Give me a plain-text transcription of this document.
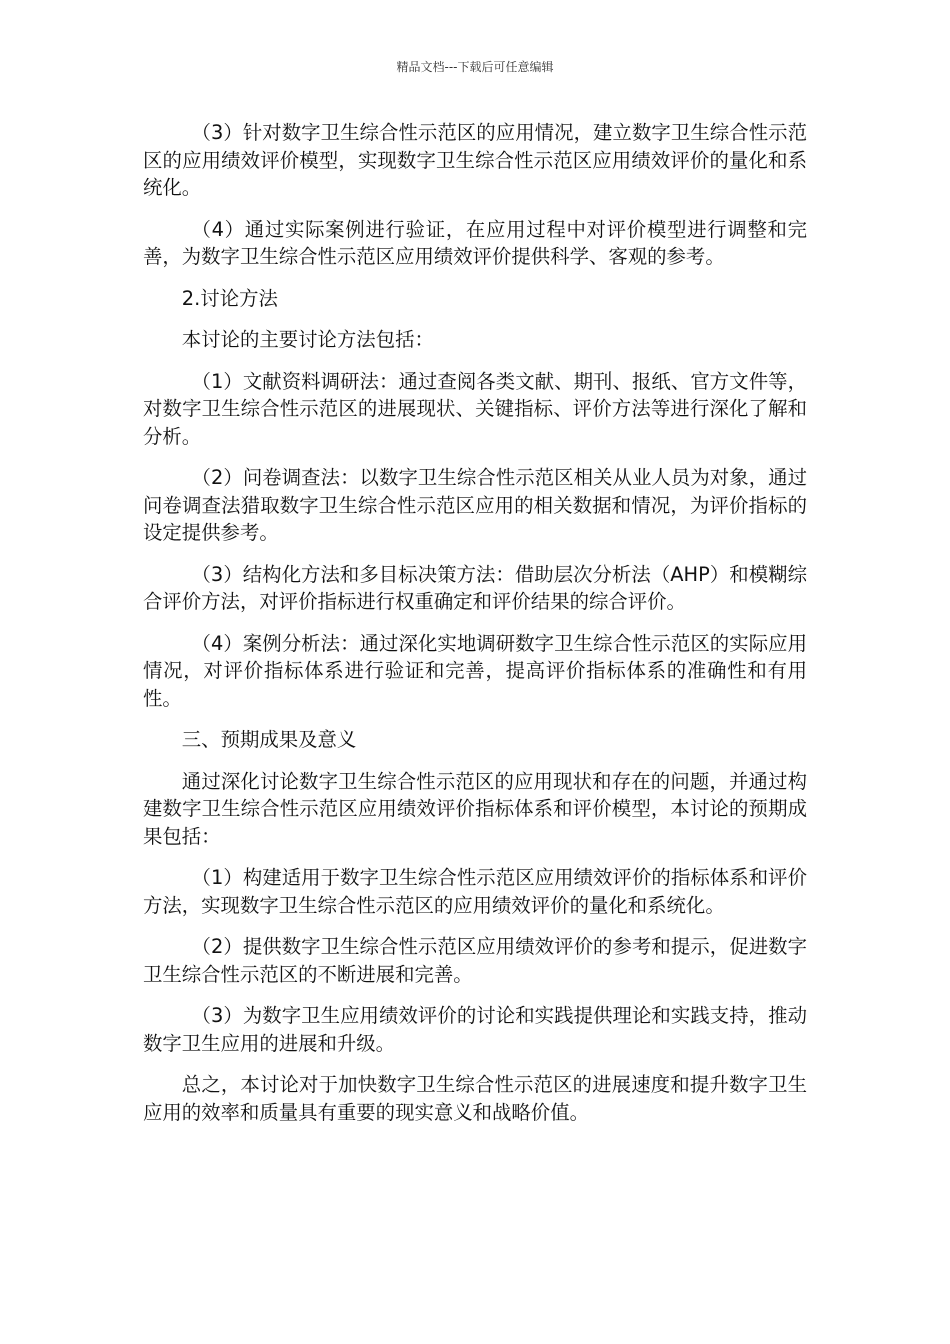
精品文档---下载后可任意编辑

（3）针对数字卫生综合性示范区的应用情况，建立数字卫生综合性示范区的应用绩效评价模型，实现数字卫生综合性示范区应用绩效评价的量化和系统化。

（4）通过实际案例进行验证，在应用过程中对评价模型进行调整和完善，为数字卫生综合性示范区应用绩效评价提供科学、客观的参考。

2.讨论方法

本讨论的主要讨论方法包括：

（1）文献资料调研法：通过查阅各类文献、期刊、报纸、官方文件等，对数字卫生综合性示范区的进展现状、关键指标、评价方法等进行深化了解和分析。

（2）问卷调查法：以数字卫生综合性示范区相关从业人员为对象，通过问卷调查法猎取数字卫生综合性示范区应用的相关数据和情况，为评价指标的设定提供参考。

（3）结构化方法和多目标决策方法：借助层次分析法（AHP）和模糊综合评价方法，对评价指标进行权重确定和评价结果的综合评价。

（4）案例分析法：通过深化实地调研数字卫生综合性示范区的实际应用情况，对评价指标体系进行验证和完善，提高评价指标体系的准确性和有用性。

三、预期成果及意义

通过深化讨论数字卫生综合性示范区的应用现状和存在的问题，并通过构建数字卫生综合性示范区应用绩效评价指标体系和评价模型，本讨论的预期成果包括：

（1）构建适用于数字卫生综合性示范区应用绩效评价的指标体系和评价方法，实现数字卫生综合性示范区的应用绩效评价的量化和系统化。

（2）提供数字卫生综合性示范区应用绩效评价的参考和提示，促进数字卫生综合性示范区的不断进展和完善。

（3）为数字卫生应用绩效评价的讨论和实践提供理论和实践支持，推动数字卫生应用的进展和升级。

总之，本讨论对于加快数字卫生综合性示范区的进展速度和提升数字卫生应用的效率和质量具有重要的现实意义和战略价值。
